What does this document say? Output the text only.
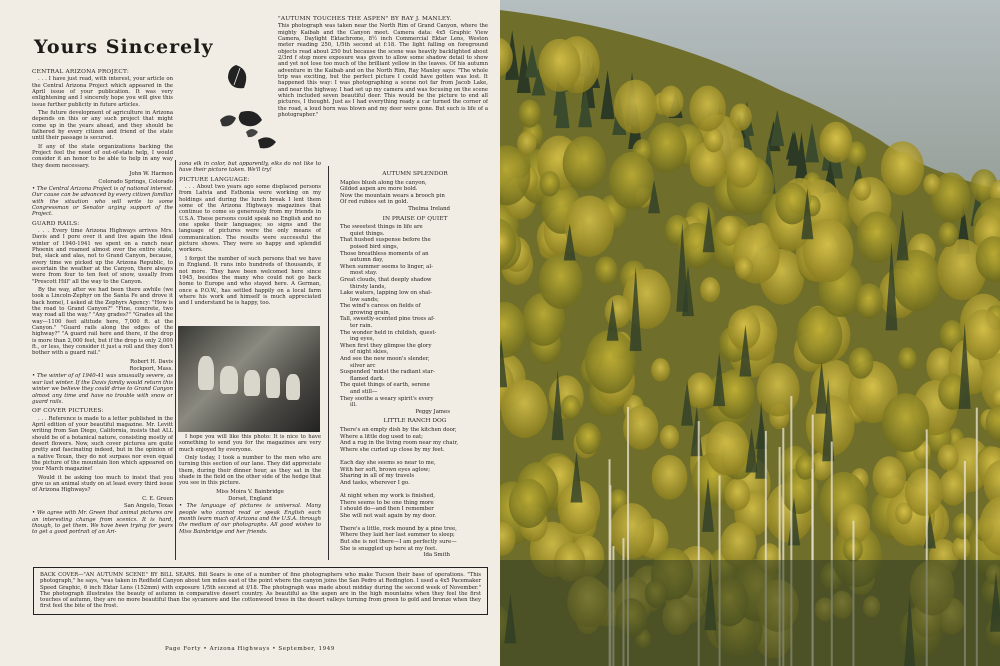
Yours Sincerely

CENTRAL ARIZONA PROJECT:

. . . I have just read, with interest, your article on the Central Arizona Project which appeared in the April issue of your publication. It was very enlightening and I sincerely hope you will give this issue further publicity in future articles.

The future development of agriculture in Arizona depends on this or any such project that might come up in the years ahead, and they should be fathered by every citizen and friend of the state until their passage is secured.

If any of the state organizations backing the Project feel the need of out-of-state help, I would consider it an honor to be able to help in any way they deem necessary.

John W. Harmon

Colorado Springs, Colorado

• The Central Arizona Project is of national interest. Our cause can be advanced by every citizen familiar with the situation who will write to some Congressman or Senator urging support of the Project.

GUARD RAILS:

. . . Every time Arizona Highways arrives Mrs. Davis and I pore over it and live again the ideal winter of 1940-1941 we spent on a ranch near Phoenix and roamed almost over the entire state, but, slack and alas, not to Grand Canyon, because, every time we picked up the Arizona Republic, to ascertain the weather at the Canyon, there always were from four to ten feet of snow, usually from "Prescott Hill" all the way to the Canyon.

By the way, after we had been there awhile (we took a Lincoln-Zephyr on the Santa Fe and drove it back home), I asked at the Zephyrs Agency: "How is the road to Grand Canyon?" "Fine, concrete, two way road all the way." "Any grades?" "Grades all the way—1100 feet altitude here, 7,000 ft. at the Canyon." "Guard rails along the edges of the highway?" "A guard rail here and there, if the drop is more than 2,000 feet, but if the drop is only 2,000 ft., or less, they consider it just a roll and they don't bother with a guard rail."

Robert H. Davis

Rockport, Mass.

• The winter of of 1940-41 was unusually severe, as war last winter. If the Davis family would return this winter we believe they could drive to Grand Canyon almost any time and have no trouble with snow or guard rails.

OF COVER PICTURES:

. . . Reference is made to a letter published in the April edition of your beautiful magazine. Mr. Levitt writing from San Diego, California, insists that ALL should be of a botanical nature, consisting mostly of desert flowers. Now, such cover pictures are quite pretty and fascinating indeed, but in the opinion of a native Texan, they do not surpass nor even equal the picture of the mountain lion which appeared on your March magazine!

Would it be asking too much to insist that you give us an animal study on at least every third issue of Arizona Highways?

C. E. Green

San Angelo, Texas

• We agree with Mr. Green that animal pictures are an interesting change from scenics. It is hard, though, to get them. We have been trying for years to get a good portrait of an Ari-

"AUTUMN TOUCHES THE ASPEN" BY RAY J. MANLEY.

This photograph was taken near the North Rim of Grand Canyon, where the mighty Kaibab and the Canyon meet. Camera data: 4x5 Graphic View Camera, Daylight Ektachrome, 8½ inch Commercial Ektar Lens, Weston meter reading 250, 1/5th second at f:18. The light falling on foreground objects read about 250 but because the scene was heavily backlighted about 2/3rd f stop more exposure was given to allow some shadow detail to show and yet not lose too much of the brilliant yellow in the leaves. Of his autumn adventure in the Kaibab and on the North Rim, Ray Manley says: "The whole trip was exciting, but the perfect picture I could have gotten was lost. It happened this way: I was photographing a scene not far from Jacob Lake, and near the highway. I had set up my camera and was focusing on the scene which included seven beautiful deer. This would be the picture to end all pictures, I thought. Just as I had everything ready a car turned the corner of the road, a loud horn was blown and my deer were gone. But such is life of a photographer."

zona elk in color, but apparently, elks do not like to have their picture taken. We'll try!

PICTURE LANGUAGE:

. . . About two years ago some displaced persons from Latvia and Esthonia were working on my holdings and during the lunch break I lent them some of the Arizona Highways magazines that continue to come so generously from my friends in U.S.A. These persons could speak no English and no one spoke their languages; so signs and the language of pictures were the only means of communication. The results were successful the picture shows. They were so happy and splendid workers.

I forgot the number of such persons that we have in England. It runs into hundreds of thousands, if not more. They have been welcomed here since 1945, besides the many who could not go back home to Europe and who stayed here. A German, once a P.O.W., has settled happily on a local farm where his work and himself is much appreciated and I understand he is happy, too.

I hope you will like this photo: It is nice to have something to send you for the magazines are very much enjoyed by everyone.

Only today, I took a number to the men who are turning this section of our lane. They did appreciate them, during their dinner hour, as they sat in the shade in the field on the other side of the hedge that you see in this picture.

Miss Moira V. Bainbridge

Dorset, England

• The language of pictures is universal. Many people who cannot read or speak English each month learn much of Arizona and the U.S.A. through the medium of our photographs. All good wishes to Miss Bainbridge and her friends.

AUTUMN SPLENDOR
Maples blush along the canyon,
Gilded aspen are more bold.
Now the mountain wears a brooch pin
Of red rubies set in gold.
Thelma Ireland
IN PRAISE OF QUIET
The sweetest things in life are
quiet things.
That hushed suspense before the
poised bird sings,
Those breathless moments of an
autumn day,
When summer seems to linger, al-
most stay.
Great clouds, that deeply shadow
thirsty lands,
Lake waters, lapping low on shal-
low sands;
The wind's caress on fields of
growing grain,
Tall, sweetly-scented pine trees af-
ter rain.
The wonder held in childish, quest-
ing eyes,
When first they glimpse the glory
of night skies,
And see the new moon's slender,
silver arc
Suspended 'midst the radiant star-
flamed dark.
The quiet things of earth, serene
and still—
They soothe a weary spirit's every
ill.
Peggy James
LITTLE RANCH DOG
There's an empty dish by the kitchen door,
Where a little dog used to eat;
And a rug in the living room near my chair,
Where she curled up close by my feet.

Each day she seems so near to me,
With her soft, brown eyes aglow;
Sharing in all of my travels
And tasks, wherever I go.

At night when my work is finished,
There seems to be one thing more
I should do—and then I remember
She will not wait again by my door.

There's a little, rock mound by a pine tree,
Where they laid her last summer to sleep;
But she is not there—I am perfectly sure—
She is snuggled up here at my feet.
Ida Smith
BACK COVER—"AN AUTUMN SCENE" BY BILL SEARS. Bill Sears is one of a number of fine photographers who make Tucson their base of operations. "This photograph," he says, "was taken in Redfield Canyon about ten miles east of the point where the canyon joins the San Pedro at Redington. I used a 4x5 Pacemaker Speed Graphic, 6 inch Ektar Lens (152mm) with exposure 1/5th second at f/18. The photograph was made about midday during the second week of November." The photograph illustrates the beauty of autumn in comparative desert country. As beautiful as the aspen are in the high mountains when they feel the first touches of autumn, they are no more beautiful than the sycamore and the cottonwood trees in the desert valleys turning from green to gold and bronze when they first feel the bite of the frost.
Page Forty • Arizona Highways • September, 1949
